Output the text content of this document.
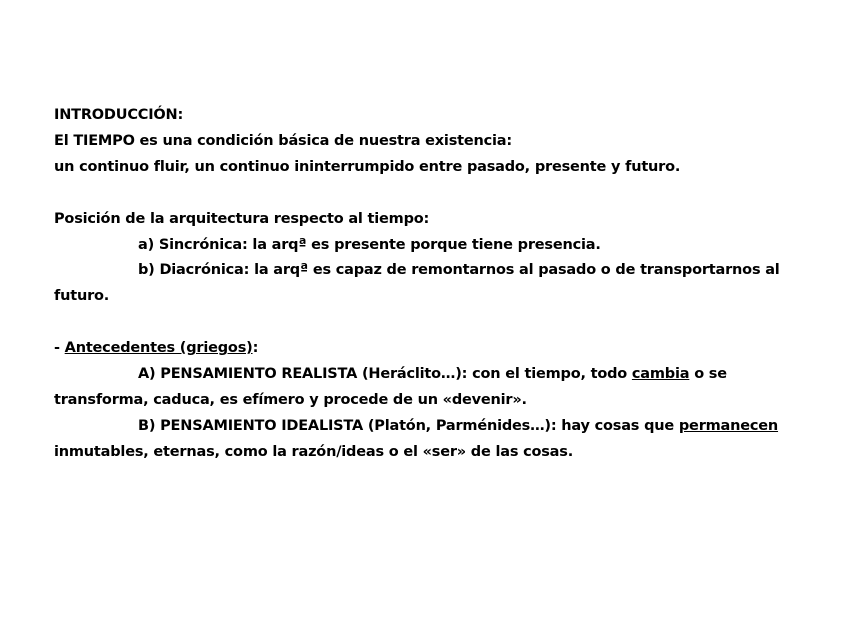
INTRODUCCIÓN:
El TIEMPO es una condición básica de nuestra existencia:
un continuo fluir, un continuo ininterrumpido entre pasado, presente y futuro.
Posición de la arquitectura respecto al tiempo:
a) Sincrónica: la arqª es presente porque tiene presencia.
b) Diacrónica: la arqª es capaz de remontarnos al pasado o de transportarnos al
futuro.
- Antecedentes (griegos):
A) PENSAMIENTO REALISTA (Heráclito…): con el tiempo, todo cambia o se
transforma, caduca, es efímero y procede de un «devenir».
B) PENSAMIENTO IDEALISTA (Platón, Parménides…): hay cosas que permanecen
inmutables, eternas, como la razón/ideas o el «ser» de las cosas.
